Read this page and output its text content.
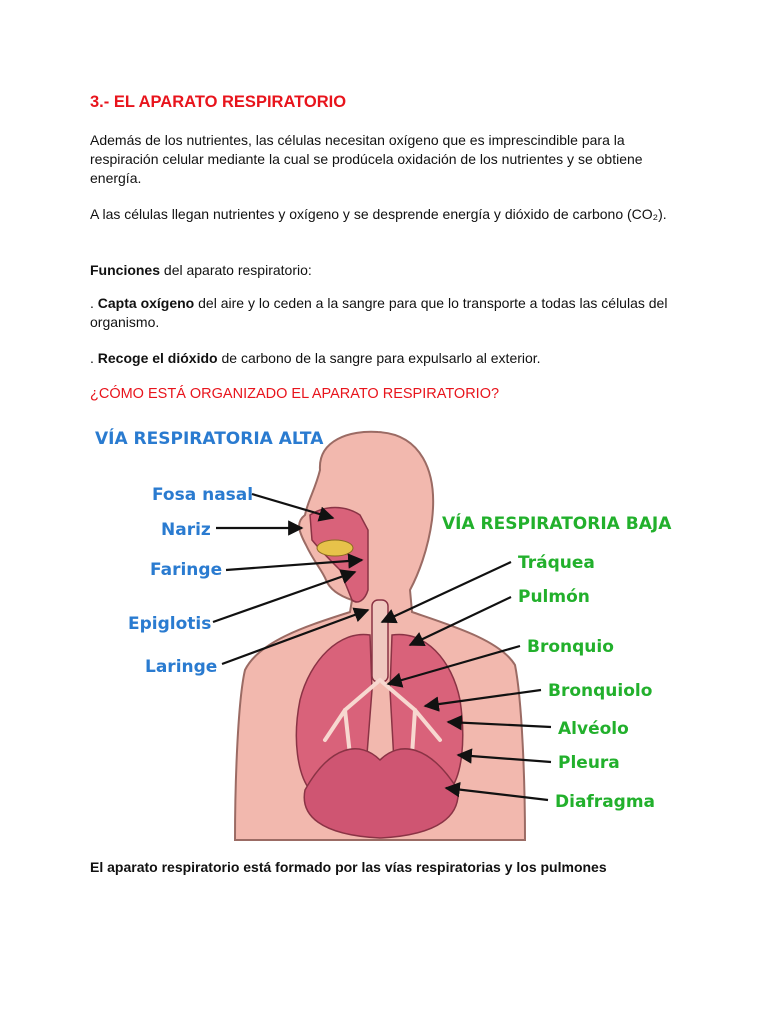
3.- EL APARATO RESPIRATORIO
Además de los nutrientes, las células necesitan oxígeno que es imprescindible para la respiración celular mediante la cual se prodúcela oxidación de los nutrientes y se obtiene energía.
A las células llegan nutrientes y oxígeno y se desprende energía y dióxido de carbono (CO₂).
Funciones del aparato respiratorio:
. Capta oxígeno del aire y lo ceden a la sangre para que lo transporte a todas las células del organismo.
. Recoge el dióxido de carbono de la sangre para expulsarlo al exterior.
¿CÓMO ESTÁ ORGANIZADO EL APARATO RESPIRATORIO?
El aparato respiratorio está formado por las vías respiratorias y los pulmones
VÍA RESPIRATORIA ALTA
VÍA RESPIRATORIA BAJA
Fosa nasal
Nariz
Faringe
Epiglotis
Laringe
Tráquea
Pulmón
Bronquio
Bronquiolo
Alvéolo
Pleura
Diafragma
